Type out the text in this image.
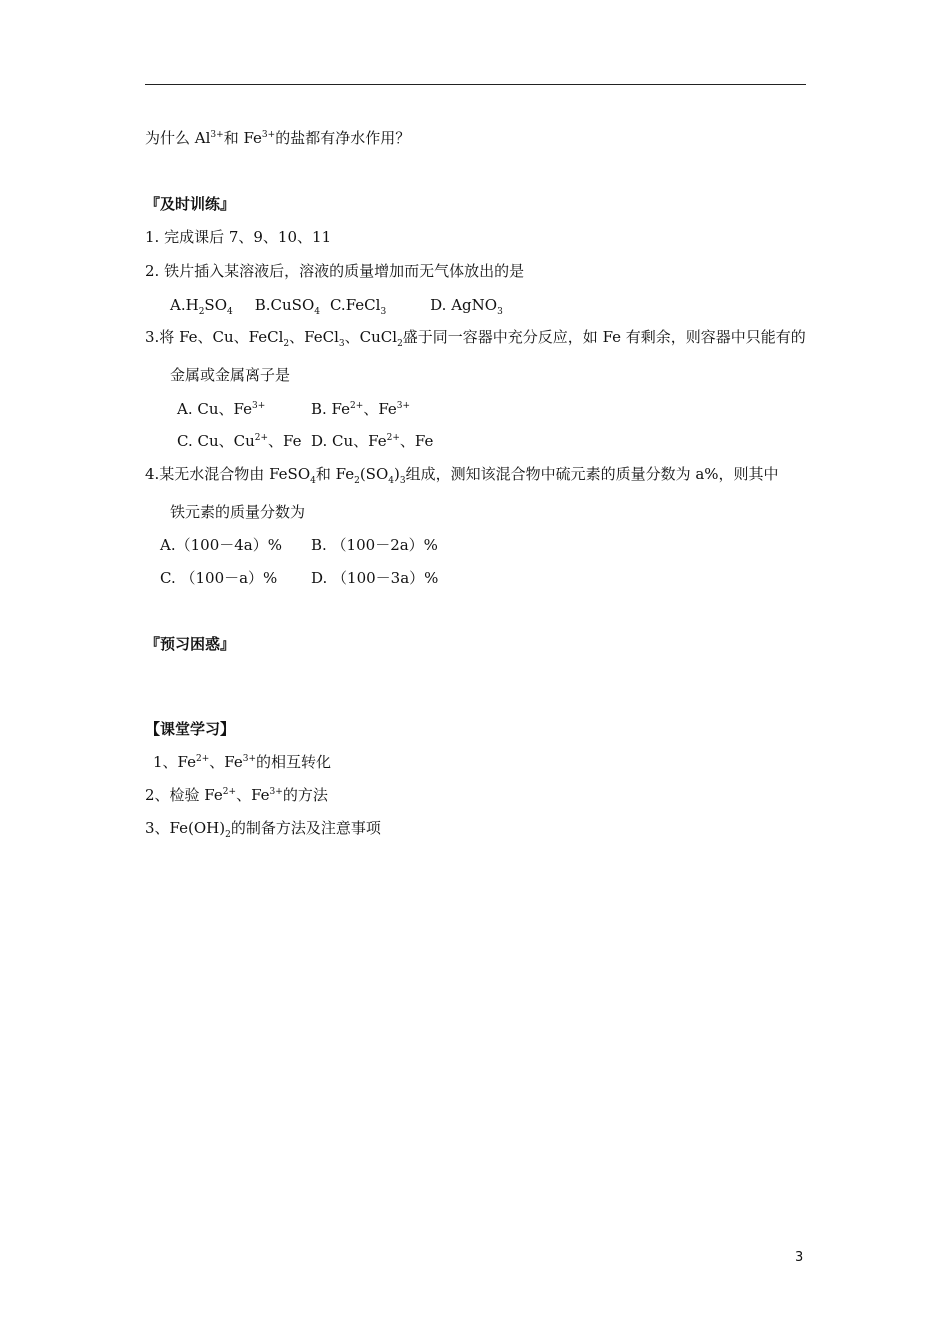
为什么 $Al^{3+}$和 $Fe^{3+}$的盐都有净水作用？
『及时训练』
1. 完成课后 7、9、10、11
2. 铁片插入某溶液后，溶液的质量增加而无气体放出的是
$A.H_2SO_4$ B.CuSO$_4$ C.FeCl$_3$	D. AgNO$_3$
3.将 Fe、Cu、FeCl$_2$、FeCl$_3$、CuCl$_2$盛于同一容器中充分反应，如 Fe 有剩余，则容器中只能有的
金属或金属离子是
A. Cu、$Fe^{3+}$	B. $Fe^{2+}$、$Fe^{3+}$
C. Cu、$Cu^{2+}$、Fe D. Cu、$Fe^{2+}$、Fe
4.某无水混合物由 FeSO$_4$和 $Fe_2(SO_4)_3$组成，测知该混合物中硫元素的质量分数为 a%，则其中
铁元素的质量分数为
A.（100－4a）% B. （100－2a）%
C. （100－a）% D. （100－3a）%
『预习困惑』
【课堂学习】
1、$Fe^{2+}$、$Fe^{3+}$的相互转化
2、检验 $Fe^{2+}$、$Fe^{3+}$的方法
3、$Fe(OH)_2$的制备方法及注意事项
3
